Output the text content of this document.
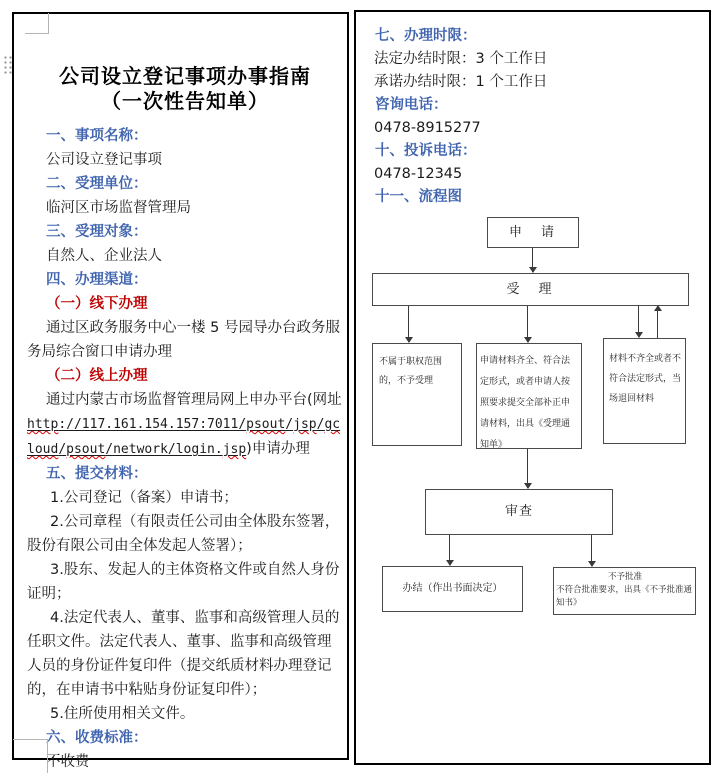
公司设立登记事项办事指南
（一次性告知单）

一、事项名称：

公司设立登记事项

二、受理单位：

临河区市场监督管理局

三、受理对象：

自然人、企业法人

四、办理渠道：

（一）线下办理

通过区政务服务中心一楼 5 号园导办台政务服务局综合窗口申请办理

（二）线上办理

通过内蒙古市场监督管理局网上申办平台(网址http://117.161.154.157:7011/psout/jsp/gcloud/psout/network/login.jsp)申请办理

五、提交材料：

1.公司登记（备案）申请书；

2.公司章程（有限责任公司由全体股东签署，股份有限公司由全体发起人签署）；

3.股东、发起人的主体资格文件或自然人身份证明；

4.法定代表人、董事、监事和高级管理人员的任职文件。法定代表人、董事、监事和高级管理人员的身份证件复印件（提交纸质材料办理登记的，在申请书中粘贴身份证复印件）；

5.住所使用相关文件。

六、收费标准：

不收费

七、办理时限：

法定办结时限：3 个工作日

承诺办结时限：1 个工作日

咨询电话：

0478-8915277

十、投诉电话：

0478-12345

十一、流程图

申　请
受　理
不属于职权范围的，不予受理
申请材料齐全、符合法定形式，或者申请人按照要求提交全部补正申请材料，出具《受理通知单》
材料不齐全或者不符合法定形式，当场退回材料
审查
办结（作出书面决定）
不予批准
不符合批准要求，出具《不予批准通知书》
